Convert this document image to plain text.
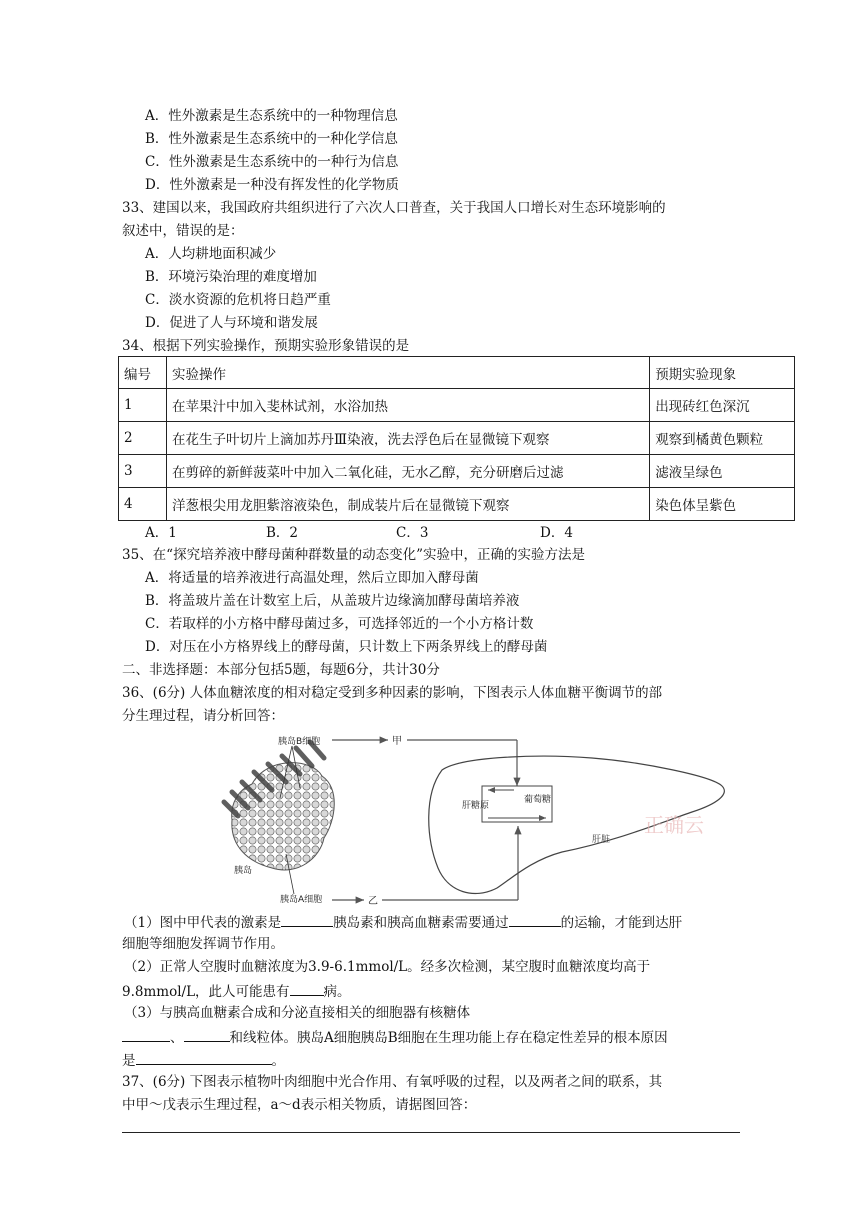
A．性外激素是生态系统中的一种物理信息
B．性外激素是生态系统中的一种化学信息
C．性外激素是生态系统中的一种行为信息
D．性外激素是一种没有挥发性的化学物质
33、建国以来，我国政府共组织进行了六次人口普查，关于我国人口增长对生态环境影响的
叙述中，错误的是：
A．人均耕地面积减少
B．环境污染治理的难度增加
C．淡水资源的危机将日趋严重
D．促进了人与环境和谐发展
34、根据下列实验操作，预期实验形象错误的是
编号	实验操作	预期实验现象
1	在苹果汁中加入斐林试剂，水浴加热	出现砖红色深沉
2	在花生子叶切片上滴加苏丹Ⅲ染液，洗去浮色后在显微镜下观察	观察到橘黄色颗粒
3	在剪碎的新鲜菠菜叶中加入二氧化硅，无水乙醇，充分研磨后过滤	滤液呈绿色
4	洋葱根尖用龙胆紫溶液染色，制成装片后在显微镜下观察	染色体呈紫色
A．1	B．2	C．3	D．4
35、在“探究培养液中酵母菌种群数量的动态变化”实验中，正确的实验方法是
A．将适量的培养液进行高温处理，然后立即加入酵母菌
B．将盖玻片盖在计数室上后，从盖玻片边缘滴加酵母菌培养液
C．若取样的小方格中酵母菌过多，可选择邻近的一个小方格计数
D．对压在小方格界线上的酵母菌，只计数上下两条界线上的酵母菌
二、非选择题：本部分包括5题，每题6分，共计30分
36、(6分) 人体血糖浓度的相对稳定受到多种因素的影响，下图表示人体血糖平衡调节的部
分生理过程，请分析回答：
胰岛B细胞
胰岛
胰岛A细胞
甲
乙
肝脏
肝糖原
葡萄糖
正确云
（1）图中甲代表的激素是	胰岛素和胰高血糖素需要通过	的运输，才能到达肝
细胞等细胞发挥调节作用。
（2）正常人空腹时血糖浓度为3.9-6.1mmol/L。经多次检测，某空腹时血糖浓度均高于
9.8mmol/L，此人可能患有	病。
（3）与胰高血糖素合成和分泌直接相关的细胞器有核糖体
、	和线粒体。胰岛A细胞胰岛B细胞在生理功能上存在稳定性差异的根本原因
是	。
37、(6分) 下图表示植物叶肉细胞中光合作用、有氧呼吸的过程，以及两者之间的联系，其
中甲～戊表示生理过程，a～d表示相关物质，请据图回答：
